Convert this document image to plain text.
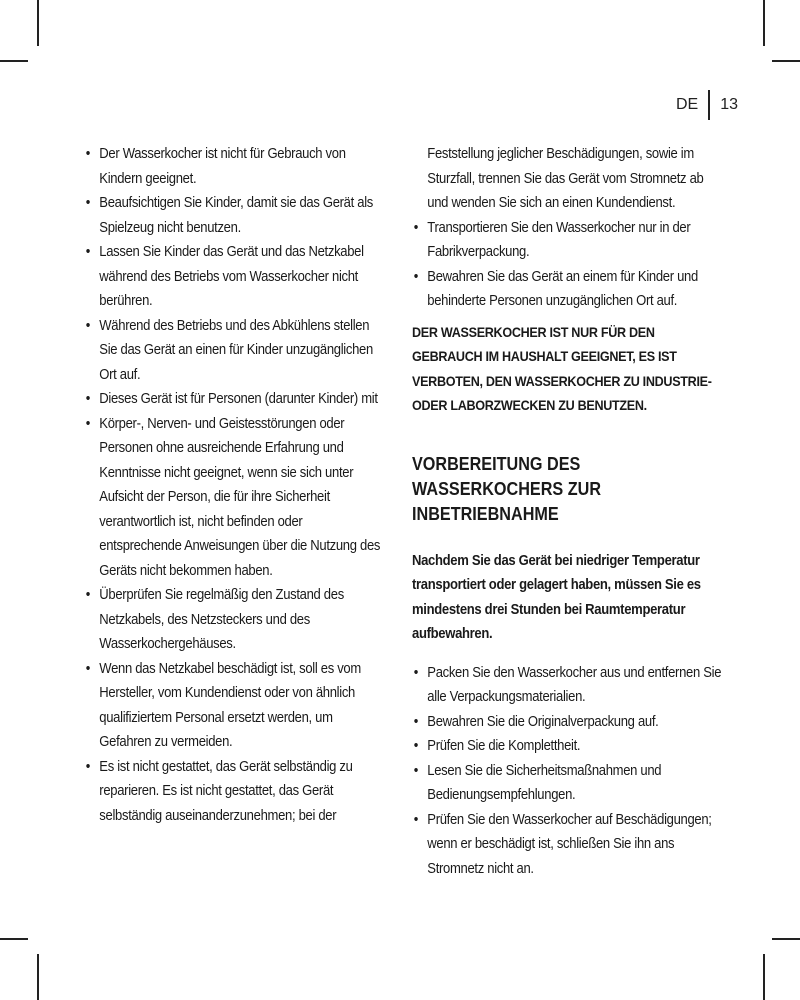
DE 13
• Der Wasserkocher ist nicht für Gebrauch von Kindern geeignet.
• Beaufsichtigen Sie Kinder, damit sie das Gerät als Spielzeug nicht benutzen.
• Lassen Sie Kinder das Gerät und das Netzkabel während des Betriebs vom Wasserkocher nicht berühren.
• Während des Betriebs und des Abkühlens stellen Sie das Gerät an einen für Kinder unzugänglichen Ort auf.
• Dieses Gerät ist für Personen (darunter Kinder) mit
• Körper-, Nerven- und Geistesstörungen oder Personen ohne ausreichende Erfahrung und Kenntnisse nicht geeignet, wenn sie sich unter Aufsicht der Person, die für ihre Sicherheit verantwortlich ist, nicht befinden oder entsprechende Anweisungen über die Nutzung des Geräts nicht bekommen haben.
• Überprüfen Sie regelmäßig den Zustand des Netzkabels, des Netzsteckers und des Wasserkochergehäuses.
• Wenn das Netzkabel beschädigt ist, soll es vom Hersteller, vom Kundendienst oder von ähnlich qualifiziertem Personal ersetzt werden, um Gefahren zu vermeiden.
• Es ist nicht gestattet, das Gerät selbständig zu reparieren. Es ist nicht gestattet, das Gerät selbständig auseinanderzunehmen; bei der

Feststellung jeglicher Beschädigungen, sowie im Sturzfall, trennen Sie das Gerät vom Stromnetz ab und wenden Sie sich an einen Kundendienst.

• Transportieren Sie den Wasserkocher nur in der Fabrikverpackung.
• Bewahren Sie das Gerät an einem für Kinder und behinderte Personen unzugänglichen Ort auf.

DER WASSERKOCHER IST NUR FÜR DEN GEBRAUCH IM HAUSHALT GEEIGNET, ES IST VERBOTEN, DEN WASSERKOCHER ZU INDUSTRIE- ODER LABORZWECKEN ZU BENUTZEN.

VORBEREITUNG DES WASSERKOCHERS ZUR INBETRIEBNAHME

Nachdem Sie das Gerät bei niedriger Temperatur transportiert oder gelagert haben, müssen Sie es mindestens drei Stunden bei Raumtemperatur aufbewahren.

• Packen Sie den Wasserkocher aus und entfernen Sie alle Verpackungsmaterialien.
• Bewahren Sie die Originalverpackung auf.
• Prüfen Sie die Komplettheit.
• Lesen Sie die Sicherheitsmaßnahmen und Bedienungsempfehlungen.
• Prüfen Sie den Wasserkocher auf Beschädigungen; wenn er beschädigt ist, schließen Sie ihn ans Stromnetz nicht an.
